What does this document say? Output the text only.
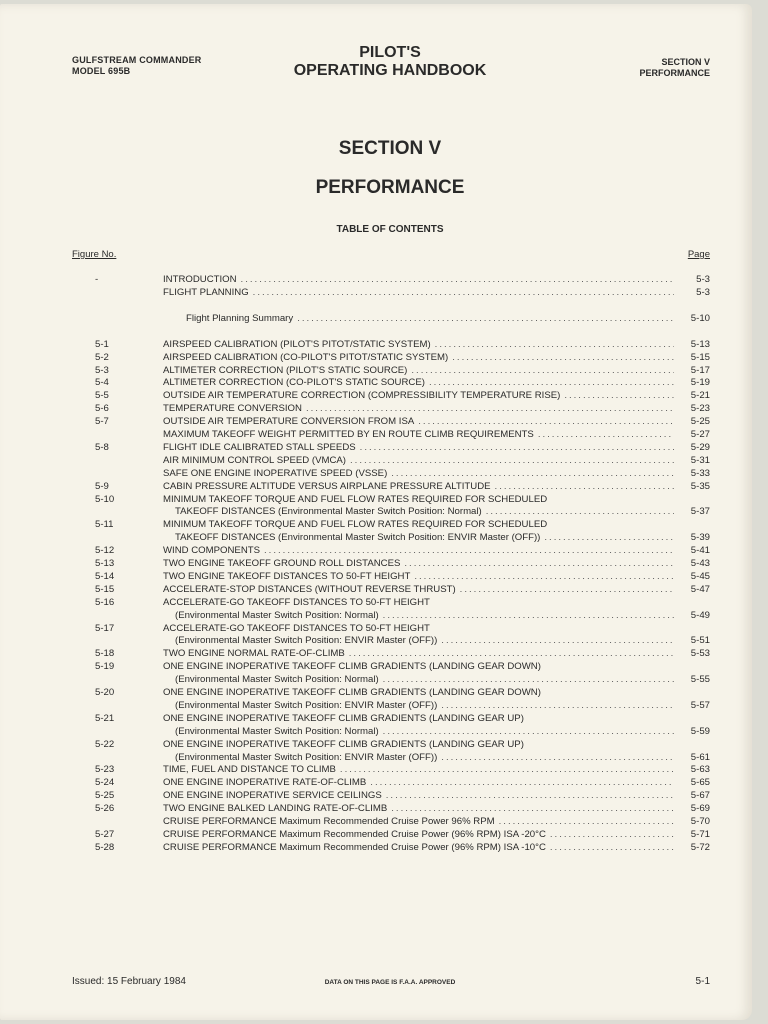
GULFSTREAM COMMANDER
MODEL 695B
PILOT'S
OPERATING HANDBOOK	SECTION V
PERFORMANCE
SECTION V
PERFORMANCE
TABLE OF CONTENTS
Figure No.	Page
-	INTRODUCTION .....	5-3
FLIGHT PLANNING .....	5-3
Flight Planning Summary .....	5-10
5-1	AIRSPEED CALIBRATION (PILOT'S PITOT/STATIC SYSTEM) .....	5-13
5-2	AIRSPEED CALIBRATION (CO-PILOT'S PITOT/STATIC SYSTEM) .....	5-15
5-3	ALTIMETER CORRECTION (PILOT'S STATIC SOURCE) .....	5-17
5-4	ALTIMETER CORRECTION (CO-PILOT'S STATIC SOURCE) .....	5-19
5-5	OUTSIDE AIR TEMPERATURE CORRECTION (COMPRESSIBILITY TEMPERATURE RISE) .....	5-21
5-6	TEMPERATURE CONVERSION .....	5-23
5-7	OUTSIDE AIR TEMPERATURE CONVERSION FROM ISA .....	5-25
MAXIMUM TAKEOFF WEIGHT PERMITTED BY EN ROUTE CLIMB REQUIREMENTS .....	5-27
5-8	FLIGHT IDLE CALIBRATED STALL SPEEDS .....	5-29
AIR MINIMUM CONTROL SPEED (VMCA) .....	5-31
SAFE ONE ENGINE INOPERATIVE SPEED (VSSE) .....	5-33
5-9	CABIN PRESSURE ALTITUDE VERSUS AIRPLANE PRESSURE ALTITUDE .....	5-35
5-10	MINIMUM TAKEOFF TORQUE AND FUEL FLOW RATES REQUIRED FOR SCHEDULED
TAKEOFF DISTANCES (Environmental Master Switch Position: Normal) .....	5-37
5-11	MINIMUM TAKEOFF TORQUE AND FUEL FLOW RATES REQUIRED FOR SCHEDULED
TAKEOFF DISTANCES (Environmental Master Switch Position: ENVIR Master (OFF)) .....	5-39
5-12	WIND COMPONENTS .....	5-41
5-13	TWO ENGINE TAKEOFF GROUND ROLL DISTANCES .....	5-43
5-14	TWO ENGINE TAKEOFF DISTANCES TO 50-FT HEIGHT .....	5-45
5-15	ACCELERATE-STOP DISTANCES (WITHOUT REVERSE THRUST) .....	5-47
5-16	ACCELERATE-GO TAKEOFF DISTANCES TO 50-FT HEIGHT
(Environmental Master Switch Position: Normal) .....	5-49
5-17	ACCELERATE-GO TAKEOFF DISTANCES TO 50-FT HEIGHT
(Environmental Master Switch Position: ENVIR Master (OFF)) .....	5-51
5-18	TWO ENGINE NORMAL RATE-OF-CLIMB .....	5-53
5-19	ONE ENGINE INOPERATIVE TAKEOFF CLIMB GRADIENTS (LANDING GEAR DOWN)
(Environmental Master Switch Position: Normal) .....	5-55
5-20	ONE ENGINE INOPERATIVE TAKEOFF CLIMB GRADIENTS (LANDING GEAR DOWN)
(Environmental Master Switch Position: ENVIR Master (OFF)) .....	5-57
5-21	ONE ENGINE INOPERATIVE TAKEOFF CLIMB GRADIENTS (LANDING GEAR UP)
(Environmental Master Switch Position: Normal) .....	5-59
5-22	ONE ENGINE INOPERATIVE TAKEOFF CLIMB GRADIENTS (LANDING GEAR UP)
(Environmental Master Switch Position: ENVIR Master (OFF)) .....	5-61
5-23	TIME, FUEL AND DISTANCE TO CLIMB .....	5-63
5-24	ONE ENGINE INOPERATIVE RATE-OF-CLIMB .....	5-65
5-25	ONE ENGINE INOPERATIVE SERVICE CEILINGS .....	5-67
5-26	TWO ENGINE BALKED LANDING RATE-OF-CLIMB .....	5-69
CRUISE PERFORMANCE Maximum Recommended Cruise Power 96% RPM .....	5-70
5-27	CRUISE PERFORMANCE Maximum Recommended Cruise Power (96% RPM) ISA -20°C .....	5-71
5-28	CRUISE PERFORMANCE Maximum Recommended Cruise Power (96% RPM) ISA -10°C .....	5-72
Issued: 15 February 1984	DATA ON THIS PAGE IS F.A.A. APPROVED	5-1
